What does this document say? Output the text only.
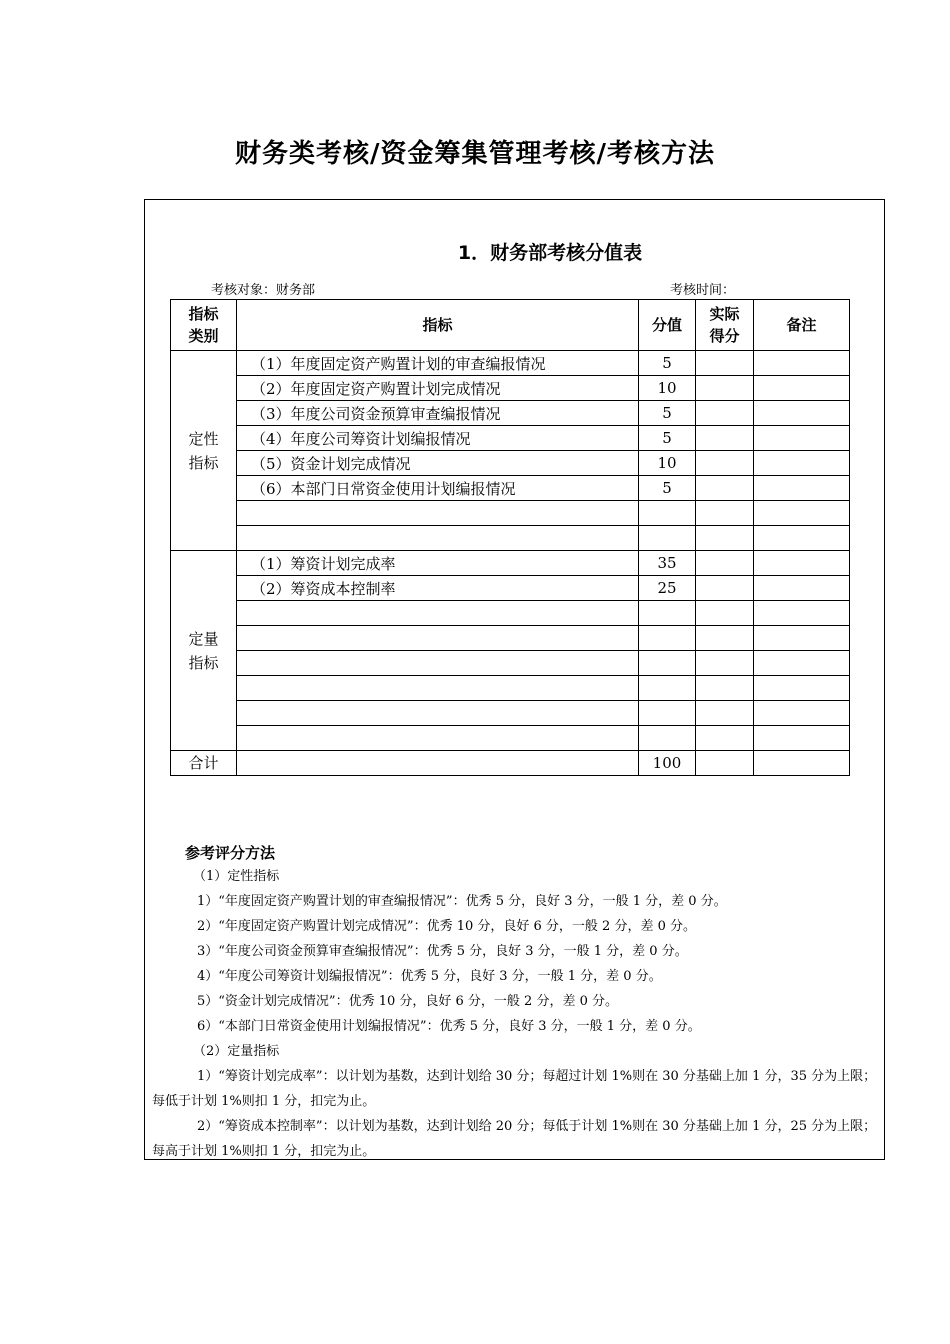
财务类考核/资金筹集管理考核/考核方法
1．财务部考核分值表
考核对象：财务部	考核时间：
指标类别	指标	分值	实际得分	备注
定性指标	（1）年度固定资产购置计划的审查编报情况	5		
	（2）年度固定资产购置计划完成情况	10		
	（3）年度公司资金预算审查编报情况	5		
	（4）年度公司筹资计划编报情况	5		
	（5）资金计划完成情况	10		
	（6）本部门日常资金使用计划编报情况	5		

定量指标	（1）筹资计划完成率	35		
	（2）筹资成本控制率	25		

合计		100		
参考评分方法

（1）定性指标

1）“年度固定资产购置计划的审查编报情况”：优秀 5 分，良好 3 分，一般 1 分，差 0 分。

2）“年度固定资产购置计划完成情况”：优秀 10 分，良好 6 分，一般 2 分，差 0 分。

3）“年度公司资金预算审查编报情况”：优秀 5 分，良好 3 分，一般 1 分，差 0 分。

4）“年度公司筹资计划编报情况”：优秀 5 分，良好 3 分，一般 1 分，差 0 分。

5）“资金计划完成情况”：优秀 10 分，良好 6 分，一般 2 分，差 0 分。

6）“本部门日常资金使用计划编报情况”：优秀 5 分，良好 3 分，一般 1 分，差 0 分。

（2）定量指标

1）“筹资计划完成率”：以计划为基数，达到计划给 30 分；每超过计划 1%则在 30 分基础上加 1 分，35 分为上限；每低于计划 1%则扣 1 分，扣完为止。

2）“筹资成本控制率”：以计划为基数，达到计划给 20 分；每低于计划 1%则在 30 分基础上加 1 分，25 分为上限；每高于计划 1%则扣 1 分，扣完为止。
